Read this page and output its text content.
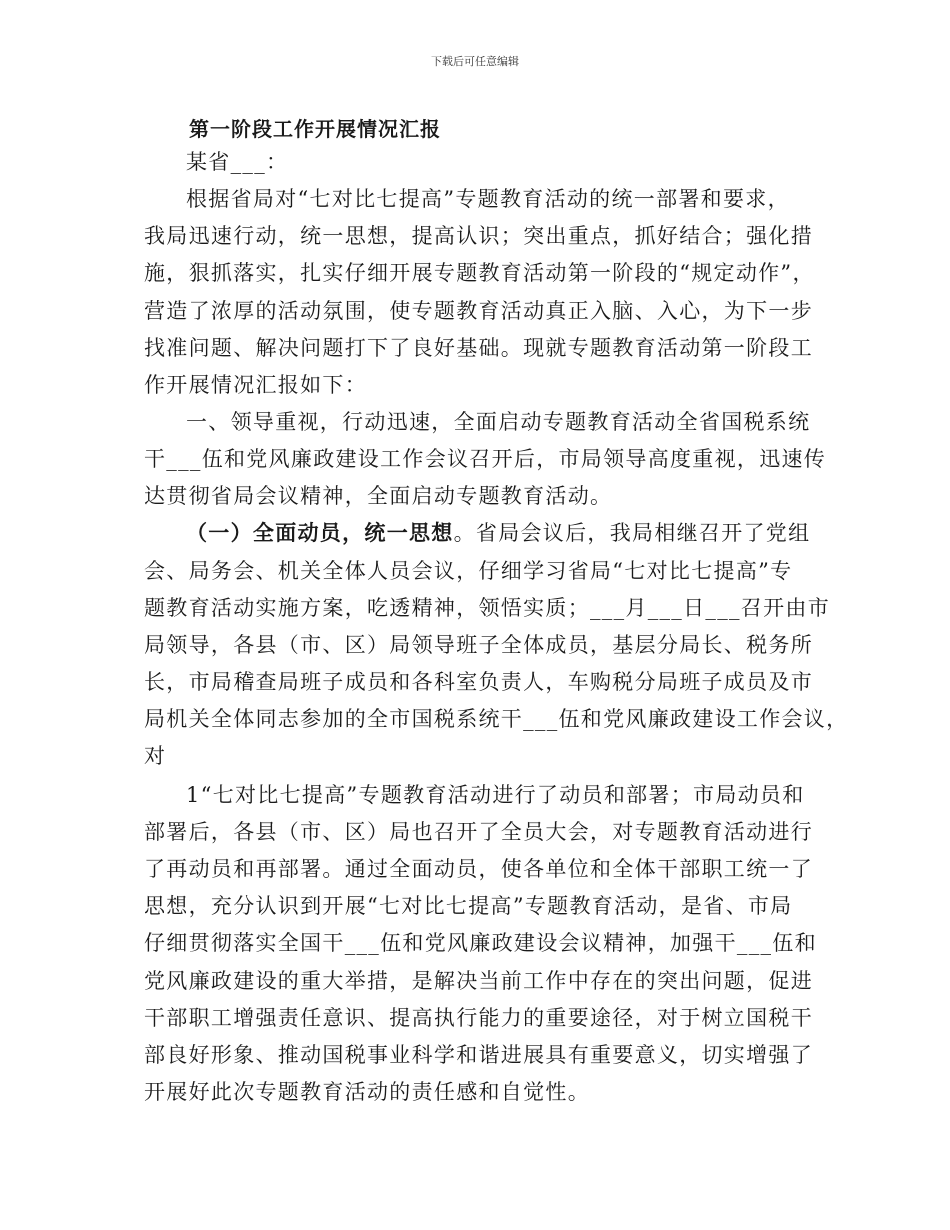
下载后可任意编辑
第一阶段工作开展情况汇报
某省___：
根据省局对“七对比七提高”专题教育活动的统一部署和要求，
我局迅速行动，统一思想，提高认识；突出重点，抓好结合；强化措
施，狠抓落实，扎实仔细开展专题教育活动第一阶段的“规定动作”，
营造了浓厚的活动氛围，使专题教育活动真正入脑、入心，为下一步
找准问题、解决问题打下了良好基础。现就专题教育活动第一阶段工
作开展情况汇报如下：
一、领导重视，行动迅速，全面启动专题教育活动全省国税系统
干___伍和党风廉政建设工作会议召开后，市局领导高度重视，迅速传
达贯彻省局会议精神，全面启动专题教育活动。
（一）全面动员，统一思想。省局会议后，我局相继召开了党组
会、局务会、机关全体人员会议，仔细学习省局“七对比七提高”专
题教育活动实施方案，吃透精神，领悟实质；___月___日___召开由市
局领导，各县（市、区）局领导班子全体成员，基层分局长、税务所
长，市局稽查局班子成员和各科室负责人，车购税分局班子成员及市
局机关全体同志参加的全市国税系统干___伍和党风廉政建设工作会议，
对
1“七对比七提高”专题教育活动进行了动员和部署；市局动员和
部署后，各县（市、区）局也召开了全员大会，对专题教育活动进行
了再动员和再部署。通过全面动员，使各单位和全体干部职工统一了
思想，充分认识到开展“七对比七提高”专题教育活动，是省、市局
仔细贯彻落实全国干___伍和党风廉政建设会议精神，加强干___伍和
党风廉政建设的重大举措，是解决当前工作中存在的突出问题，促进
干部职工增强责任意识、提高执行能力的重要途径，对于树立国税干
部良好形象、推动国税事业科学和谐进展具有重要意义，切实增强了
开展好此次专题教育活动的责任感和自觉性。
